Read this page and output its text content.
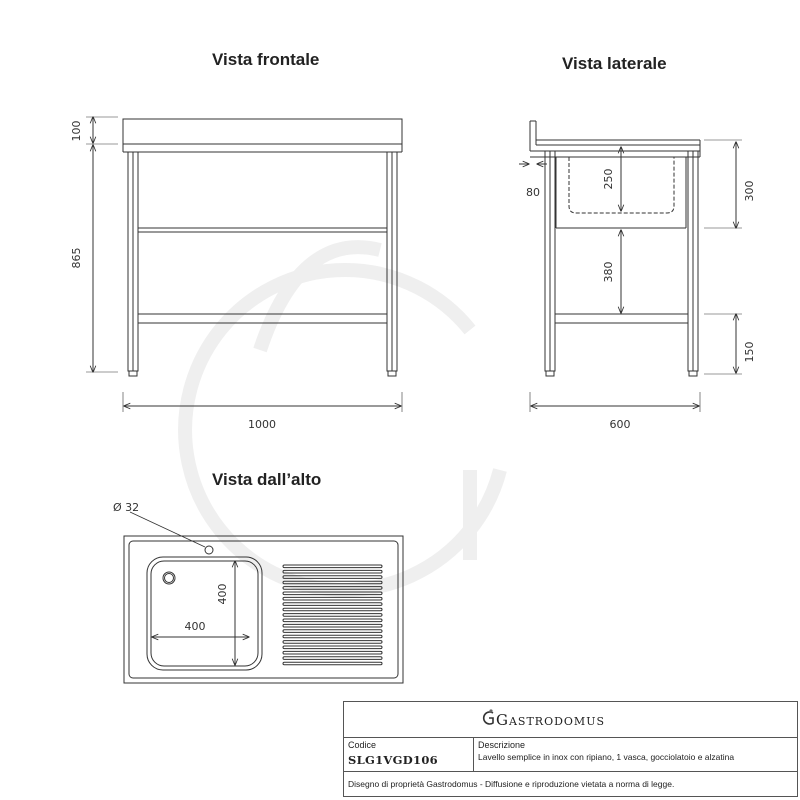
Vista frontale	Vista laterale
Vista dall’alto
100
865
1000
80
250
380
300
150
600
Ø 32
400
400
Gastrodomus
Codice
SLG1VGD106
Descrizione
Lavello semplice in inox con ripiano, 1 vasca, gocciolatoio e alzatina
Disegno di proprietà Gastrodomus - Diffusione e riproduzione vietata a norma di legge.
